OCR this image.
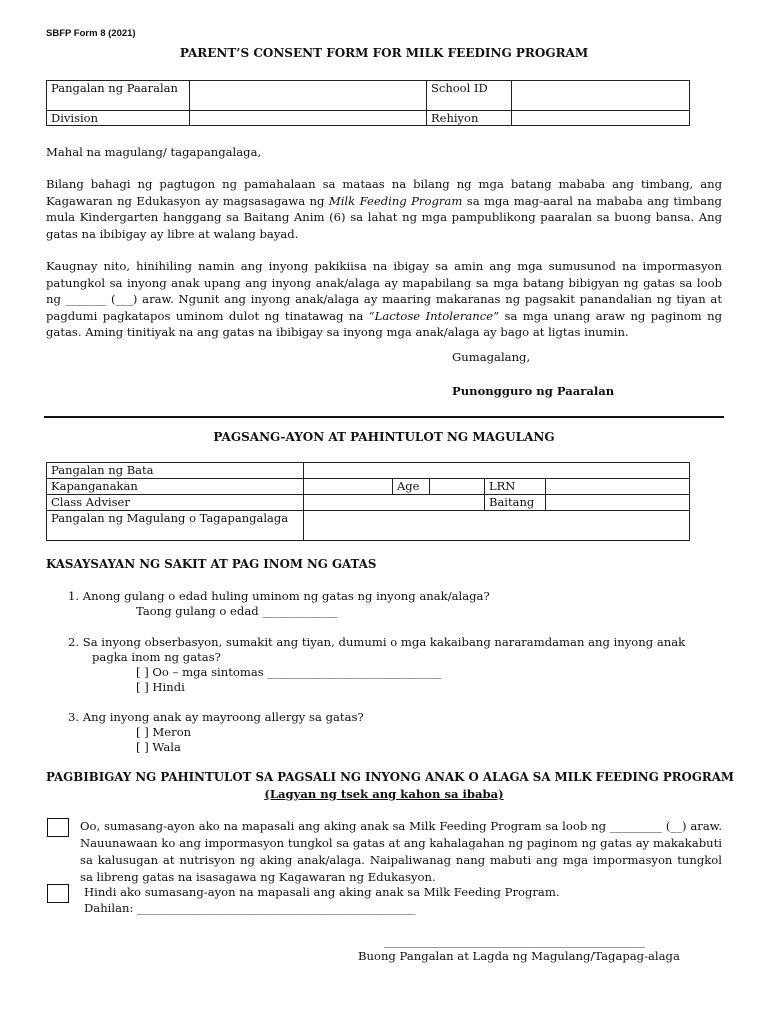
SBFP Form 8 (2021)
PARENT’S CONSENT FORM FOR MILK FEEDING PROGRAM
Pangalan ng Paaralan		School ID	
Division		Rehiyon	
Mahal na magulang/ tagapangalaga,

Bilang bahagi ng pagtugon ng pamahalaan sa mataas na bilang ng mga batang mababa ang timbang, ang Kagawaran ng Edukasyon ay magsasagawa ng Milk Feeding Program sa mga mag-aaral na mababa ang timbang mula Kindergarten hanggang sa Baitang Anim (6) sa lahat ng mga pampublikong paaralan sa buong bansa. Ang gatas na ibibigay ay libre at walang bayad.

Kaugnay nito, hinihiling namin ang inyong pakikiisa na ibigay sa amin ang mga sumusunod na impormasyon patungkol sa inyong anak upang ang inyong anak/alaga ay mapabilang sa mga batang bibigyan ng gatas sa loob ng _______ (___) araw. Ngunit ang inyong anak/alaga ay maaring makaranas ng pagsakit panandalian ng tiyan at pagdumi pagkatapos uminom dulot ng tinatawag na “Lactose Intolerance” sa mga unang araw ng paginom ng gatas. Aming tinitiyak na ang gatas na ibibigay sa inyong mga anak/alaga ay bago at ligtas inumin.

Gumagalang,
Punongguro ng Paaralan
PAGSANG-AYON AT PAHINTULOT NG MAGULANG
Pangalan ng Bata					
Kapanganakan		Age		LRN	
Class Adviser				Baitang	
Pangalan ng Magulang o Tagapangalaga					
KASAYSAYAN NG SAKIT AT PAG INOM NG GATAS
1. Anong gulang o edad huling uminom ng gatas ng inyong anak/alaga?
Taong gulang o edad _____________
2. Sa inyong obserbasyon, sumakit ang tiyan, dumumi o mga kakaibang nararamdaman ang inyong anak
pagka inom ng gatas?
[ ] Oo – mga sintomas ______________________________
[ ] Hindi
3. Ang inyong anak ay mayroong allergy sa gatas?
[ ] Meron
[ ] Wala
PAGBIBIGAY NG PAHINTULOT SA PAGSALI NG INYONG ANAK O ALAGA SA MILK FEEDING PROGRAM
(Lagyan ng tsek ang kahon sa ibaba)

Oo, sumasang-ayon ako na mapasali ang aking anak sa Milk Feeding Program sa loob ng _________ (__) araw. Nauunawaan ko ang impormasyon tungkol sa gatas at ang kahalagahan ng paginom ng gatas ay makakabuti sa kalusugan at nutrisyon ng aking anak/alaga. Naipaliwanag nang mabuti ang mga impormasyon tungkol sa libreng gatas na isasagawa ng Kagawaran ng Edukasyon.

Hindi ako sumasang-ayon na mapasali ang aking anak sa Milk Feeding Program.
Dahilan: ________________________________________________
_____________________________________________
Buong Pangalan at Lagda ng Magulang/Tagapag-alaga
